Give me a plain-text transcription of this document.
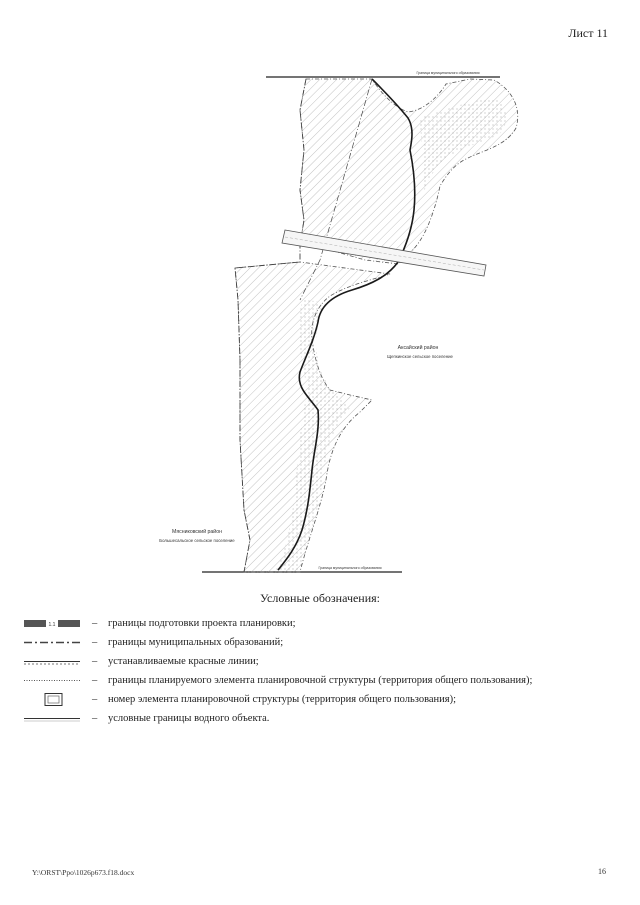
Лист 11
Граница муниципального образования
Граница муниципального образования
Аксайский район
Щепкинское сельское поселение
Мясниковский район
Большесальское сельское поселение
Условные обозначения:
1.1	– границы подготовки проекта планировки;
– границы муниципальных образований;
– устанавливаемые красные линии;
– границы планируемого элемента планировочной структуры (территория общего пользования);
– номер элемента планировочной структуры (территория общего пользования);
– условные границы водного объекта.
Y:\ORST\Ppo\1026p673.f18.docx	16
